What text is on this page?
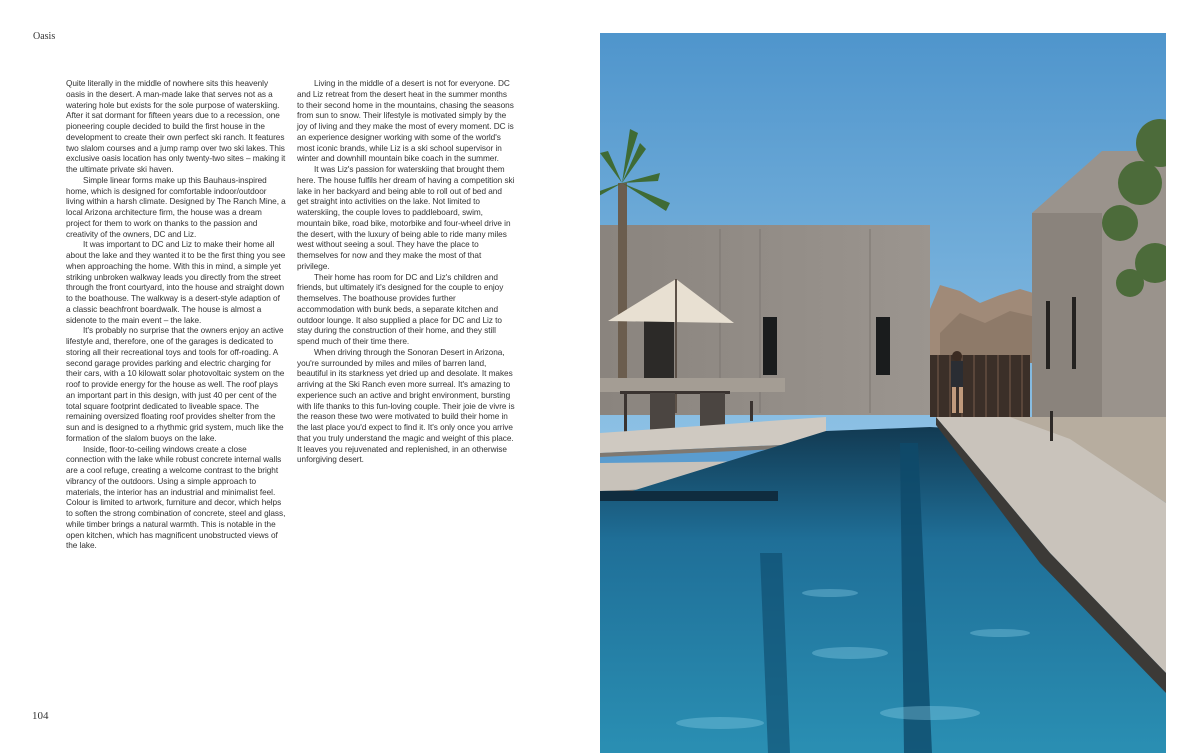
Oasis

Quite literally in the middle of nowhere sits this heavenly oasis in the desert. A man-made lake that serves not as a watering hole but exists for the sole purpose of waterskiing. After it sat dormant for fifteen years due to a recession, one pioneering couple decided to build the first house in the development to create their own perfect ski ranch. It features two slalom courses and a jump ramp over two ski lakes. This exclusive oasis location has only twenty-two sites – making it the ultimate private ski haven.

Simple linear forms make up this Bauhaus-inspired home, which is designed for comfortable indoor/outdoor living within a harsh climate. Designed by The Ranch Mine, a local Arizona architecture firm, the house was a dream project for them to work on thanks to the passion and creativity of the owners, DC and Liz.

It was important to DC and Liz to make their home all about the lake and they wanted it to be the first thing you see when approaching the home. With this in mind, a simple yet striking unbroken walkway leads you directly from the street through the front courtyard, into the house and straight down to the boathouse. The walkway is a desert-style adaption of a classic beachfront boardwalk. The house is almost a sidenote to the main event – the lake.

It's probably no surprise that the owners enjoy an active lifestyle and, therefore, one of the garages is dedicated to storing all their recreational toys and tools for off-roading. A second garage provides parking and electric charging for their cars, with a 10 kilowatt solar photovoltaic system on the roof to provide energy for the house as well. The roof plays an important part in this design, with just 40 per cent of the total square footprint dedicated to liveable space. The remaining oversized floating roof provides shelter from the sun and is designed to a rhythmic grid system, much like the formation of the slalom buoys on the lake.

Inside, floor-to-ceiling windows create a close connection with the lake while robust concrete internal walls are a cool refuge, creating a welcome contrast to the bright vibrancy of the outdoors. Using a simple approach to materials, the interior has an industrial and minimalist feel. Colour is limited to artwork, furniture and decor, which helps to soften the strong combination of concrete, steel and glass, while timber brings a natural warmth. This is notable in the open kitchen, which has magnificent unobstructed views of the lake.

Living in the middle of a desert is not for everyone. DC and Liz retreat from the desert heat in the summer months to their second home in the mountains, chasing the seasons from sun to snow. Their lifestyle is motivated simply by the joy of living and they make the most of every moment. DC is an experience designer working with some of the world's most iconic brands, while Liz is a ski school supervisor in winter and downhill mountain bike coach in the summer.

It was Liz's passion for waterskiing that brought them here. The house fulfils her dream of having a competition ski lake in her backyard and being able to roll out of bed and get straight into activities on the lake. Not limited to waterskiing, the couple loves to paddleboard, swim, mountain bike, road bike, motorbike and four-wheel drive in the desert, with the luxury of being able to ride many miles west without seeing a soul. They have the place to themselves for now and they make the most of that privilege.

Their home has room for DC and Liz's children and friends, but ultimately it's designed for the couple to enjoy themselves. The boathouse provides further accommodation with bunk beds, a separate kitchen and outdoor lounge. It also supplied a place for DC and Liz to stay during the construction of their home, and they still spend much of their time there.

When driving through the Sonoran Desert in Arizona, you're surrounded by miles and miles of barren land, beautiful in its starkness yet dried up and desolate. It makes arriving at the Ski Ranch even more surreal. It's amazing to experience such an active and bright environment, bursting with life thanks to this fun-loving couple. Their joie de vivre is the reason these two were motivated to build their home in the last place you'd expect to find it. It's only once you arrive that you truly understand the magic and weight of this place. It leaves you rejuvenated and replenished, in an otherwise unforgiving desert.

104
